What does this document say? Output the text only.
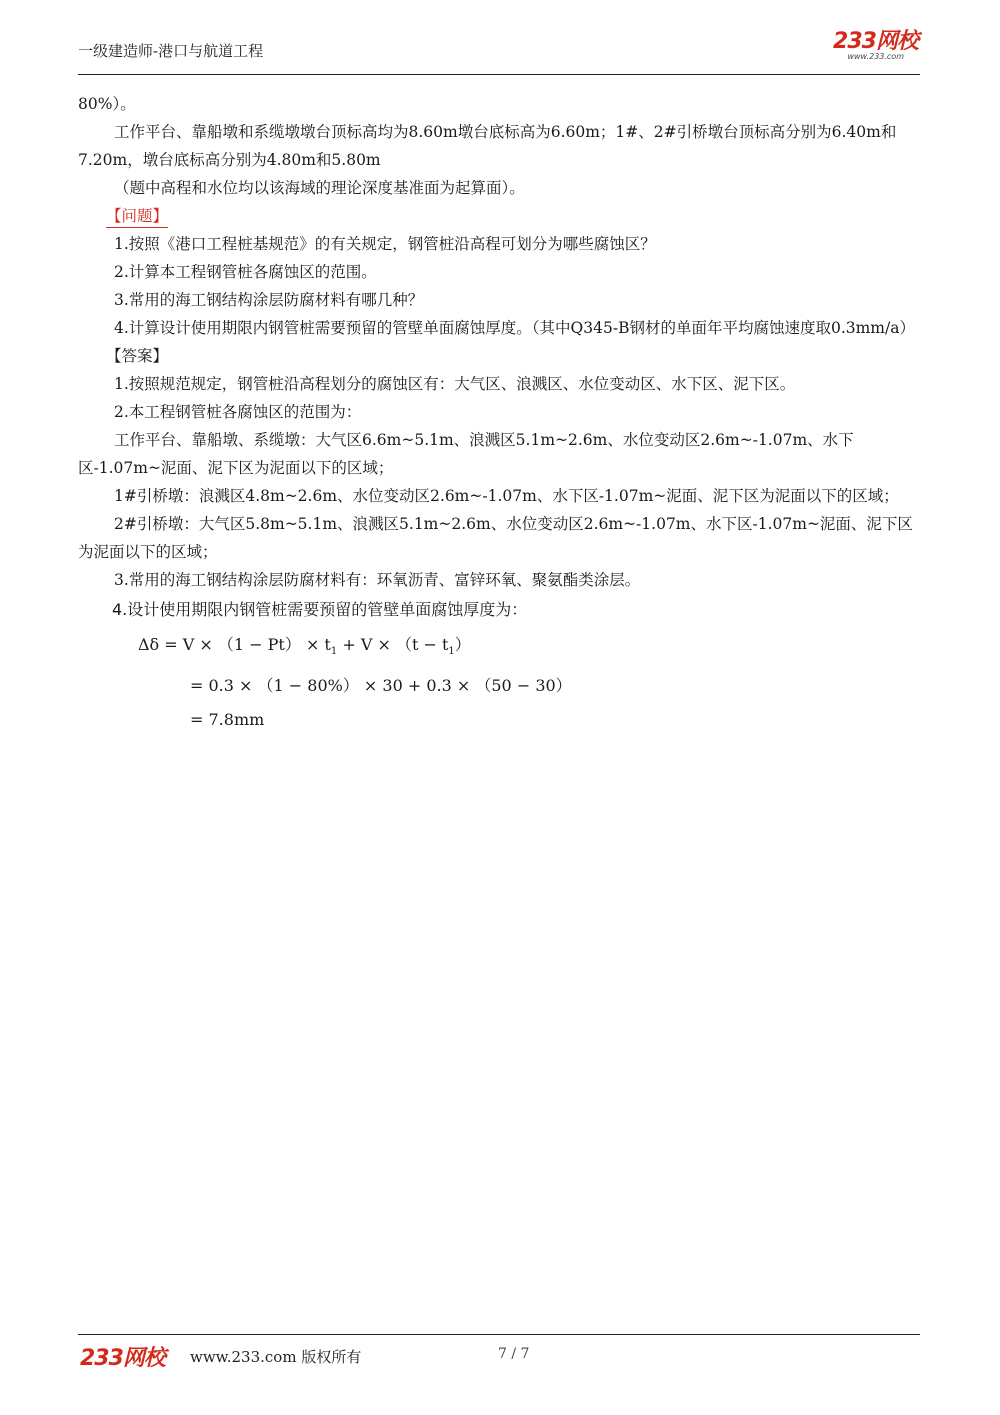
一级建造师-港口与航道工程	233网校
www.233.com

80%）。

工作平台、靠船墩和系缆墩墩台顶标高均为8.60m墩台底标高为6.60m；1#、2#引桥墩台顶标高分别为6.40m和7.20m，墩台底标高分别为4.80m和5.80m

（题中高程和水位均以该海域的理论深度基准面为起算面）。

【问题】

1.按照《港口工程桩基规范》的有关规定，钢管桩沿高程可划分为哪些腐蚀区？

2.计算本工程钢管桩各腐蚀区的范围。

3.常用的海工钢结构涂层防腐材料有哪几种？

4.计算设计使用期限内钢管桩需要预留的管壁单面腐蚀厚度。（其中Q345-B钢材的单面年平均腐蚀速度取0.3mm/a）

【答案】

1.按照规范规定，钢管桩沿高程划分的腐蚀区有：大气区、浪溅区、水位变动区、水下区、泥下区。

2.本工程钢管桩各腐蚀区的范围为：

工作平台、靠船墩、系缆墩：大气区6.6m~5.1m、浪溅区5.1m~2.6m、水位变动区2.6m~-1.07m、水下区-1.07m~泥面、泥下区为泥面以下的区域；

1#引桥墩：浪溅区4.8m~2.6m、水位变动区2.6m~-1.07m、水下区-1.07m~泥面、泥下区为泥面以下的区域；

2#引桥墩：大气区5.8m~5.1m、浪溅区5.1m~2.6m、水位变动区2.6m~-1.07m、水下区-1.07m~泥面、泥下区为泥面以下的区域；

3.常用的海工钢结构涂层防腐材料有：环氧沥青、富锌环氧、聚氨酯类涂层。

4.设计使用期限内钢管桩需要预留的管壁单面腐蚀厚度为：

$\Delta\delta = V \times (1 - Pt) \times t_1 + V \times (t - t_1)$
= 0.3 × （1 − 80%） × 30 + 0.3 × （50 − 30）
= 7.8mm
233网校 www.233.com 版权所有	7 / 7
